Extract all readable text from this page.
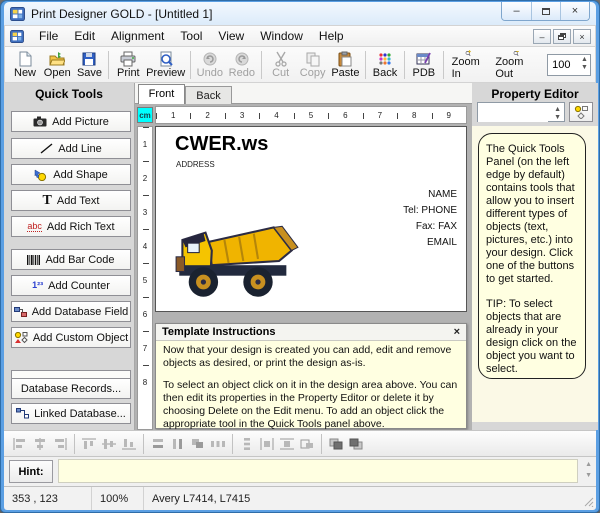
Print Designer GOLD - [Untitled 1]	–	×
File	Edit	Alignment	Tool	View	Window	Help	–	×
New Open Save Print Preview Undo Redo Cut Copy Paste Back PDB
Zoom In
Zoom Out
100
▲
▼
Quick Tools
Add Picture
Add Line
Add Shape
T Add Text
abc Add Rich Text
Add Bar Code
1²³ Add Counter
Add Database Field
Add Custom Object
Database Records...
Linked Database...
Front	Back
cm	1	2	3	4	5	6	7	8	9
1
2
3
4
5
6
7
8
CWER.ws
ADDRESS
NAME
Tel: PHONE
Fax: FAX
EMAIL
Template Instructions	×

Now that your design is created you can add, edit and remove objects as desired, or print the design as-is.

To select an object click on it in the design area above. You can then edit its properties in the Property Editor or delete it by choosing Delete on the Edit menu. To add an object click the appropriate tool in the Quick Tools panel above.

Property Editor
▲
▼

The Quick Tools Panel (on the left edge by default) contains tools that allow you to insert different types of objects (text, pictures, etc.) into your design. Click one of the buttons to get started.

TIP: To select objects that are already in your design click on the object you want to select.

Hint:
▲
▼
353 , 123	100%	Avery L7414, L7415
